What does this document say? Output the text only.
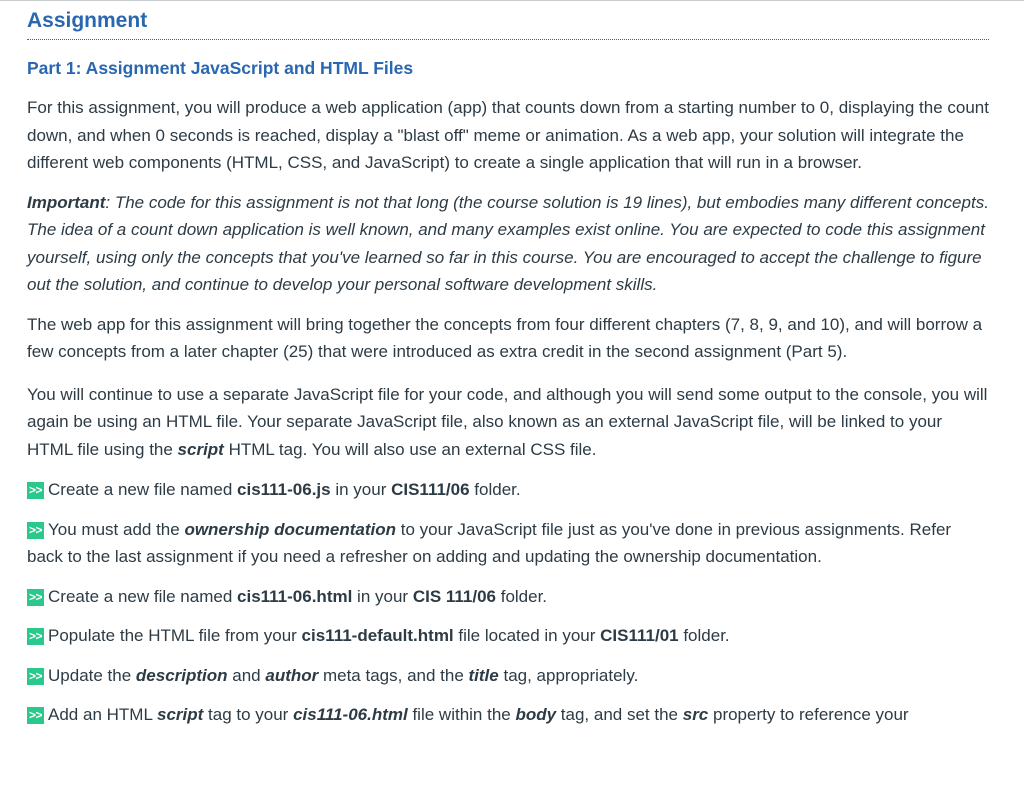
Assignment
Part 1: Assignment JavaScript and HTML Files

For this assignment, you will produce a web application (app) that counts down from a starting number to 0, displaying the count down, and when 0 seconds is reached, display a "blast off" meme or animation. As a web app, your solution will integrate the different web components (HTML, CSS, and JavaScript) to create a single application that will run in a browser.

Important: The code for this assignment is not that long (the course solution is 19 lines), but embodies many different concepts. The idea of a count down application is well known, and many examples exist online. You are expected to code this assignment yourself, using only the concepts that you've learned so far in this course. You are encouraged to accept the challenge to figure out the solution, and continue to develop your personal software development skills.

The web app for this assignment will bring together the concepts from four different chapters (7, 8, 9, and 10), and will borrow a few concepts from a later chapter (25) that were introduced as extra credit in the second assignment (Part 5).

You will continue to use a separate JavaScript file for your code, and although you will send some output to the console, you will again be using an HTML file. Your separate JavaScript file, also known as an external JavaScript file, will be linked to your HTML file using the script HTML tag. You will also use an external CSS file.

>> Create a new file named cis111-06.js in your CIS111/06 folder.

>> You must add the ownership documentation to your JavaScript file just as you've done in previous assignments. Refer back to the last assignment if you need a refresher on adding and updating the ownership documentation.

>> Create a new file named cis111-06.html in your CIS 111/06 folder.

>> Populate the HTML file from your cis111-default.html file located in your CIS111/01 folder.

>> Update the description and author meta tags, and the title tag, appropriately.

>> Add an HTML script tag to your cis111-06.html file within the body tag, and set the src property to reference your
